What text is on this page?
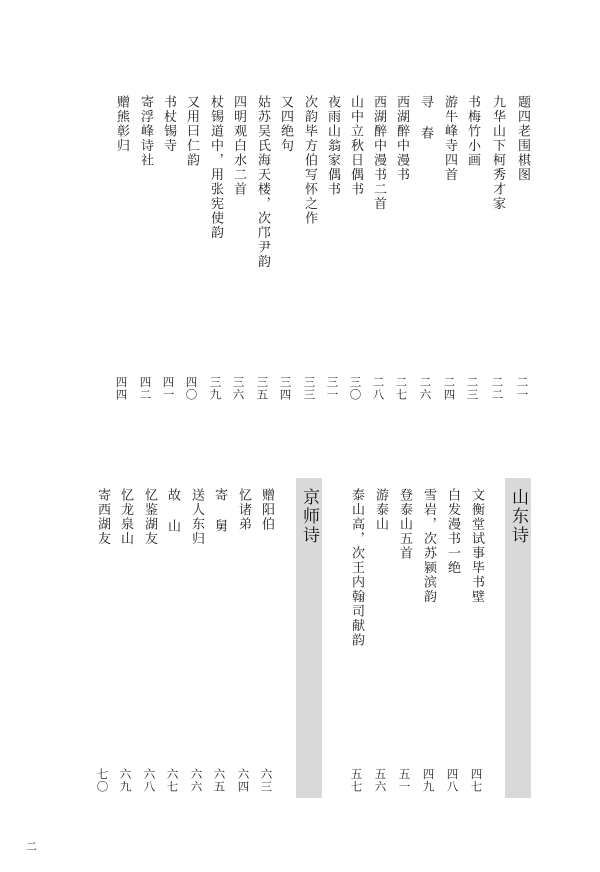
题四老围棋图
二一
九华山下柯秀才家
二二
书梅竹小画
二三
游牛峰寺四首
二四
寻 春
二六
西湖醉中漫书
二七
西湖醉中漫书二首
二八
山中立秋日偶书
三〇
夜雨山翁家偶书
三一
次韵毕方伯写怀之作
三三
又四绝句
三四
姑苏吴氏海天楼，次邝尹韵
三五
四明观白水二首
三六
杖锡道中，用张宪使韵
三九
又用曰仁韵
四〇
书杖锡寺
四一
寄浮峰诗社
四二
赠熊彰归
四四
山东诗
文衡堂试事毕书壁
四七
白发漫书一绝
四八
雪岩，次苏颍滨韵
四九
登泰山五首
五一
游泰山
五六
泰山高，次王内翰司献韵
五七
京师诗
赠阳伯
六三
忆诸弟
六四
寄 舅
六五
送人东归
六六
故 山
六七
忆鉴湖友
六八
忆龙泉山
六九
寄西湖友
七〇
二
